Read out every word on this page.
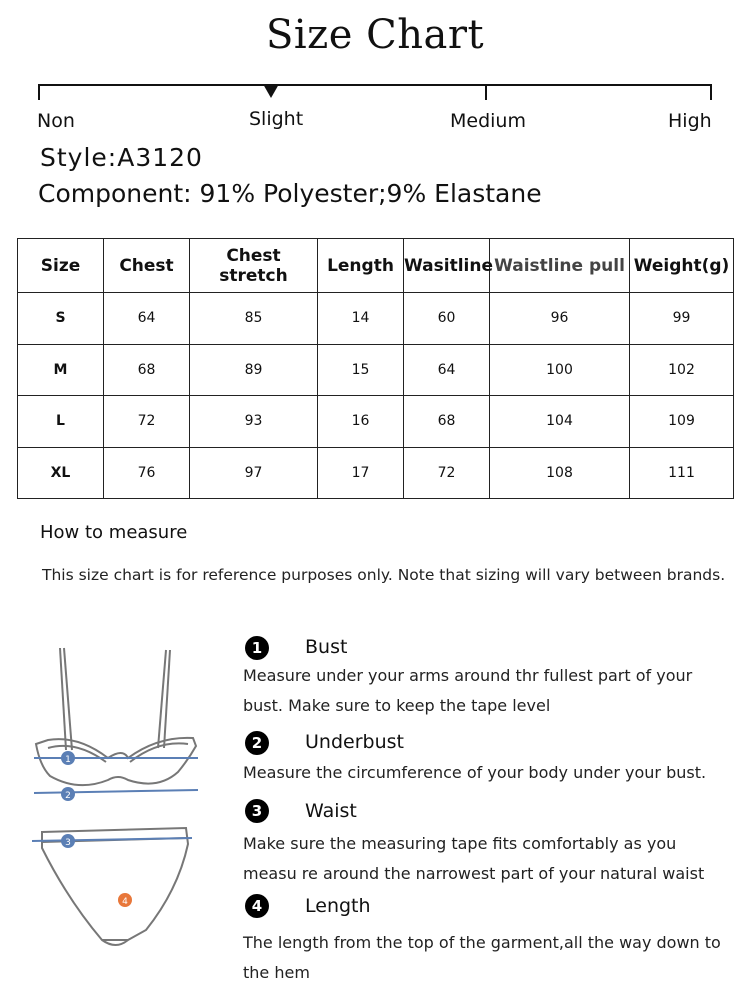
Size Chart
Non	Slight	Medium	High
Style:A3120
Component: 91% Polyester;9% Elastane
Size	Chest	Chest stretch	Length	Wasitline	Waistline pull	Weight(g)
S	64	85	14	60	96	99
M	68	89	15	64	100	102
L	72	93	16	68	104	109
XL	76	97	17	72	108	111
How to measure
This size chart is for reference purposes only. Note that sizing will vary between brands.
1
2
3
4
1	Bust
Measure under your arms around thr fullest part of your bust. Make sure to keep the tape level
2	Underbust
Measure the circumference of your body under your bust.
3	Waist
Make sure the measuring tape fits comfortably as you measu re around the narrowest part of your natural waist
4	Length
The length from the top of the garment,all the way down to the hem
